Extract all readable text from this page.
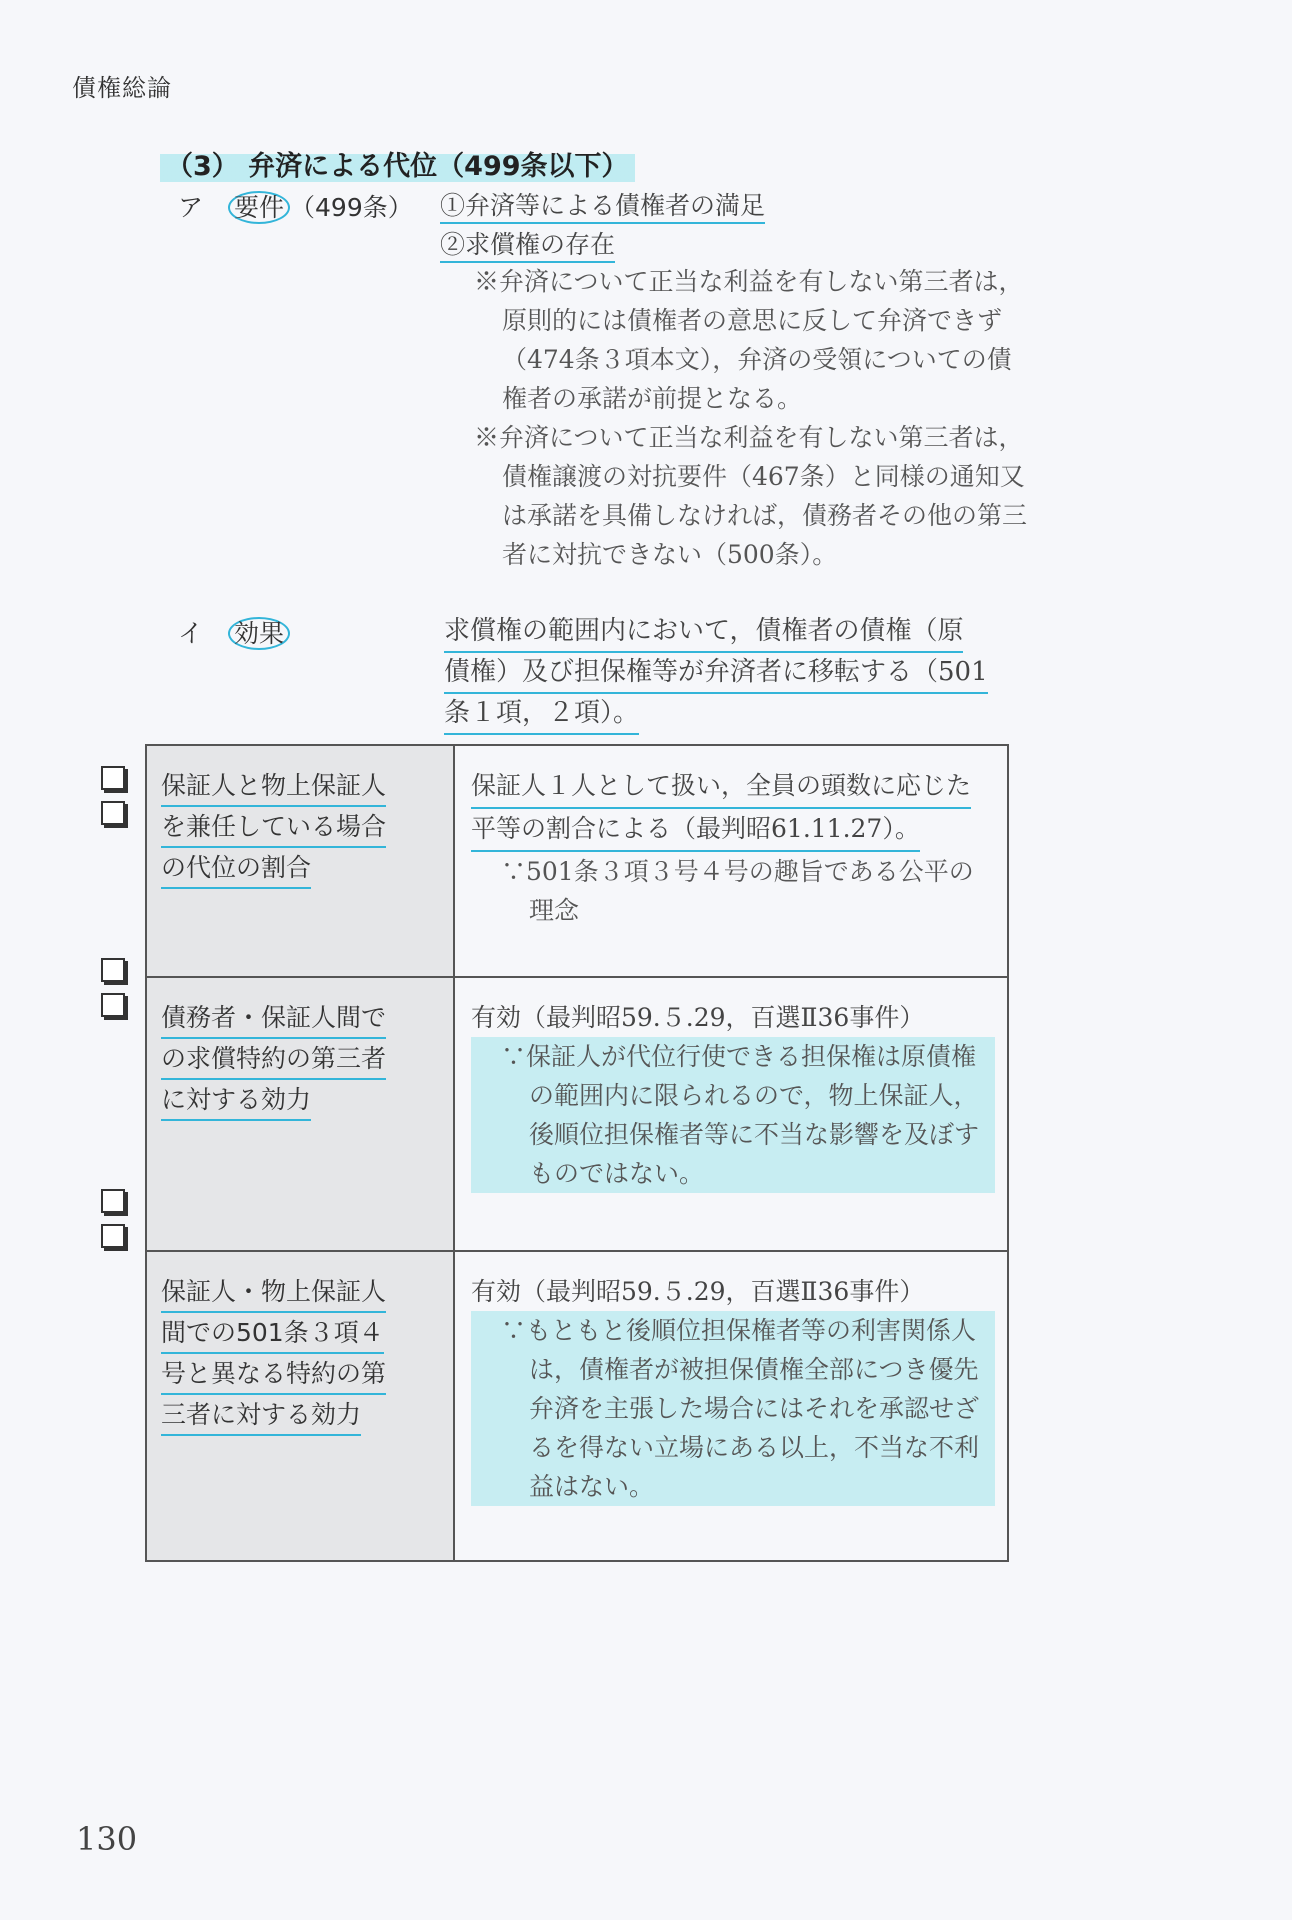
債権総論
（3） 弁済による代位（499条以下）
ア 要件 （499条） ①弁済等による債権者の満足
②求償権の存在
※弁済について正当な利益を有しない第三者は，原則的には債権者の意思に反して弁済できず（474条３項本文），弁済の受領についての債権者の承諾が前提となる。
※弁済について正当な利益を有しない第三者は，債権譲渡の対抗要件（467条）と同様の通知又は承諾を具備しなければ，債務者その他の第三者に対抗できない（500条）。
イ 効果	求償権の範囲内において，債権者の債権（原
債権）及び担保権等が弁済者に移転する（501
条１項，２項）。
保証人と物上保証人
を兼任している場合
の代位の割合	保証人１人として扱い，全員の頭数に応じた
平等の割合による（最判昭61.11.27）。
∵501条３項３号４号の趣旨である公平の理念

債務者・保証人間で
の求償特約の第三者
に対する効力	有効（最判昭59.５.29，百選Ⅱ36事件）
∵保証人が代位行使できる担保権は原債権の範囲内に限られるので，物上保証人，後順位担保権者等に不当な影響を及ぼすものではない。

保証人・物上保証人
間での501条３項４
号と異なる特約の第
三者に対する効力	有効（最判昭59.５.29，百選Ⅱ36事件）
∵もともと後順位担保権者等の利害関係人は，債権者が被担保債権全部につき優先弁済を主張した場合にはそれを承認せざるを得ない立場にある以上，不当な不利益はない。
130
